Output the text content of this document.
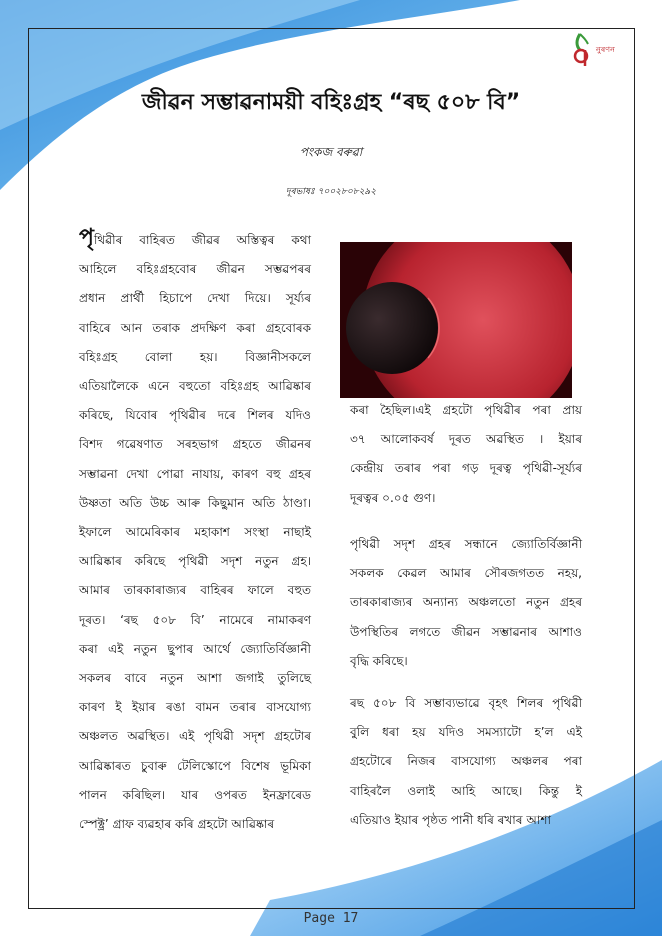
নুৰণন
জীৱন সম্ভাৱনাময়ী বহিঃগ্ৰহ “ৰছ ৫০৮ বি”
পংকজ বৰুৱা
দূৰভাষঃ ৭০০২৮০৮২৯২
পৃথিৱীৰ বাহিৰত জীৱৰ অস্তিত্বৰ কথা
আহিলে বহিঃগ্ৰহবোৰ জীৱন সম্ভৱপৰৰ
প্ৰধান প্ৰাৰ্থী হিচাপে দেখা দিয়ে। সূৰ্য্যৰ
বাহিৰে আন তৰাক প্ৰদক্ষিণ কৰা গ্ৰহবোৰক
বহিঃগ্ৰহ বোলা হয়। বিজ্ঞানীসকলে
এতিয়ালৈকে এনে বহুতো বহিঃগ্ৰহ আৱিষ্কাৰ
কৰিছে, যিবোৰ পৃথিৱীৰ দৰে শিলৰ যদিও
বিশদ গৱেষণাত সৰহভাগ গ্ৰহতে জীৱনৰ
সম্ভাৱনা দেখা পোৱা নাযায়, কাৰণ বহু গ্ৰহৰ
উষ্ণতা অতি উচ্চ আৰু কিছুমান অতি ঠাণ্ডা।
ইফালে আমেৰিকাৰ মহাকাশ সংস্থা নাছাই
আৱিষ্কাৰ কৰিছে পৃথিৱী সদৃশ নতুন গ্ৰহ।
আমাৰ তাৰকাৰাজ্যৰ বাহিৰৰ ফালে বহুত
দূৰত। ‘ৰছ ৫০৮ বি’ নামেৰে নামাকৰণ
কৰা এই নতুন ছুপাৰ আৰ্থে জ্যোতিৰ্বিজ্ঞানী
সকলৰ বাবে নতুন আশা জগাই তুলিছে
কাৰণ ই ইয়াৰ ৰঙা বামন তৰাৰ বাসযোগ্য
অঞ্চলত অৱস্থিত। এই পৃথিৱী সদৃশ গ্ৰহটোৰ
আৱিষ্কাৰত চুবাৰু টেলিস্কোপে বিশেষ ভূমিকা
পালন কৰিছিল। যাৰ ওপৰত ইনফ্ৰাৰেড
স্পেক্ট্ৰ’ গ্ৰাফ ব্যৱহাৰ কৰি গ্ৰহটো আৱিষ্কাৰ
কৰা হৈছিল।এই গ্ৰহটো পৃথিৱীৰ পৰা প্ৰায়
৩৭ আলোকবৰ্ষ দূৰত অৱস্থিত । ইয়াৰ
কেন্দ্ৰীয় তৰাৰ পৰা গড় দূৰত্ব পৃথিৱী-সূৰ্য্যৰ
দূৰত্বৰ ০.০৫ গুণ।
পৃথিৱী সদৃশ গ্ৰহৰ সন্ধানে জ্যোতিৰ্বিজ্ঞানী
সকলক কেৱল আমাৰ সৌৰজগতত নহয়,
তাৰকাৰাজ্যৰ অন্যান্য অঞ্চলতো নতুন গ্ৰহৰ
উপস্থিতিৰ লগতে জীৱন সম্ভাৱনাৰ আশাও
বৃদ্ধি কৰিছে।
ৰছ ৫০৮ বি সম্ভাব্যভাৱে বৃহৎ শিলৰ পৃথিৱী
বুলি ধৰা হয় যদিও সমস্যাটো হ’ল এই
গ্ৰহটোৰে নিজৰ বাসযোগ্য অঞ্চলৰ পৰা
বাহিৰলৈ ওলাই আহি আছে। কিন্তু ই
এতিয়াও ইয়াৰ পৃষ্ঠত পানী ধৰি ৰখাৰ আশা
Page 17
